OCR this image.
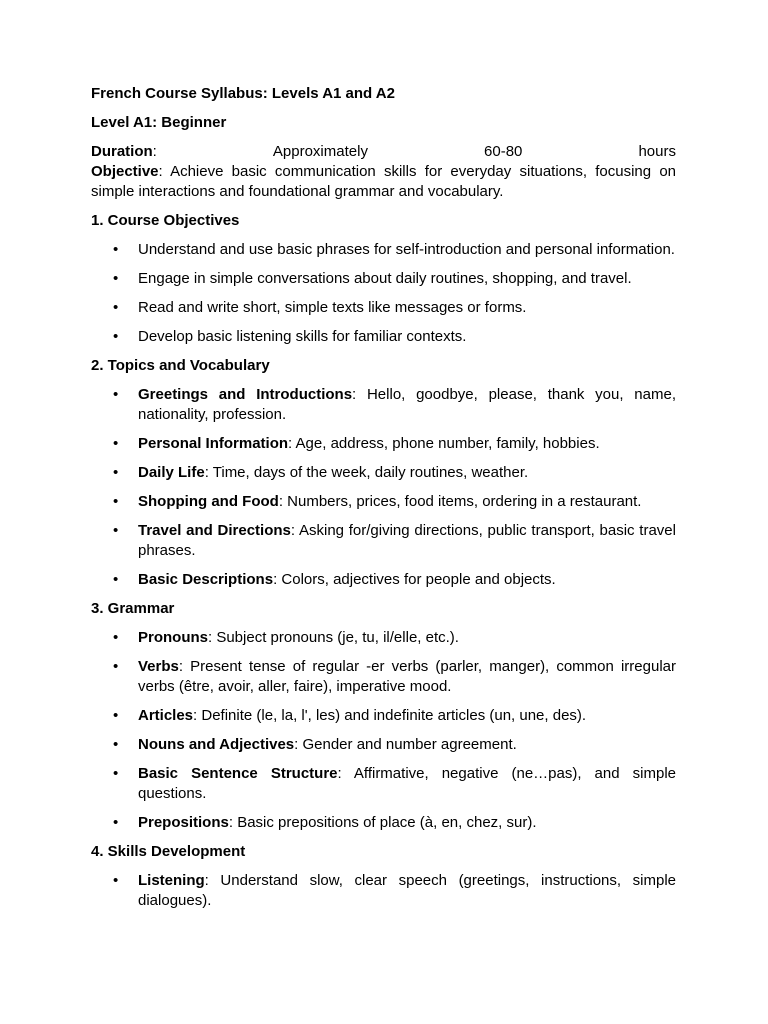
French Course Syllabus: Levels A1 and A2

Level A1: Beginner

Duration:	Approximately	60-80	hours
Objective: Achieve basic communication skills for everyday situations, focusing on simple interactions and foundational grammar and vocabulary.

1. Course Objectives

• Understand and use basic phrases for self-introduction and personal information.
• Engage in simple conversations about daily routines, shopping, and travel.
• Read and write short, simple texts like messages or forms.
• Develop basic listening skills for familiar contexts.

2. Topics and Vocabulary

• Greetings and Introductions: Hello, goodbye, please, thank you, name, nationality, profession.
• Personal Information: Age, address, phone number, family, hobbies.
• Daily Life: Time, days of the week, daily routines, weather.
• Shopping and Food: Numbers, prices, food items, ordering in a restaurant.
• Travel and Directions: Asking for/giving directions, public transport, basic travel phrases.
• Basic Descriptions: Colors, adjectives for people and objects.

3. Grammar

• Pronouns: Subject pronouns (je, tu, il/elle, etc.).
• Verbs: Present tense of regular -er verbs (parler, manger), common irregular verbs (être, avoir, aller, faire), imperative mood.
• Articles: Definite (le, la, l', les) and indefinite articles (un, une, des).
• Nouns and Adjectives: Gender and number agreement.
• Basic Sentence Structure: Affirmative, negative (ne…pas), and simple questions.
• Prepositions: Basic prepositions of place (à, en, chez, sur).

4. Skills Development

• Listening: Understand slow, clear speech (greetings, instructions, simple dialogues).
